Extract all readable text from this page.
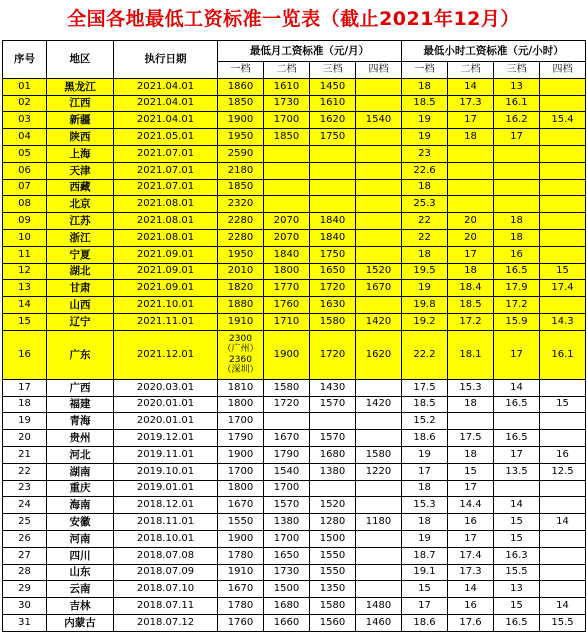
全国各地最低工资标准一览表（截止2021年12月）
序号	地区	执行日期	最低月工资标准（元/月）				最低小时工资标准（元/小时）			
			一档	二档	三档	四档	一档	二档	三档	四档
01	黑龙江	2021.04.01	1860	1610	1450		18	14	13	
02	江西	2021.04.01	1850	1730	1610		18.5	17.3	16.1	
03	新疆	2021.04.01	1900	1700	1620	1540	19	17	16.2	15.4
04	陕西	2021.05.01	1950	1850	1750		19	18	17	
05	上海	2021.07.01	2590				23			
06	天津	2021.07.01	2180				22.6			
07	西藏	2021.07.01	1850				18			
08	北京	2021.08.01	2320				25.3			
09	江苏	2021.08.01	2280	2070	1840		22	20	18	
10	浙江	2021.08.01	2280	2070	1840		22	20	18	
11	宁夏	2021.09.01	1950	1840	1750		18	17	16	
12	湖北	2021.09.01	2010	1800	1650	1520	19.5	18	16.5	15
13	甘肃	2021.09.01	1820	1770	1720	1670	19	18.4	17.9	17.4
14	山西	2021.10.01	1880	1760	1630		19.8	18.5	17.2	
15	辽宁	2021.11.01	1910	1710	1580	1420	19.2	17.2	15.9	14.3
16	广东	2021.12.01	2300（广州）2360（深圳）	1900	1720	1620	22.2	18.1	17	16.1
17	广西	2020.03.01	1810	1580	1430		17.5	15.3	14	
18	福建	2020.01.01	1800	1720	1570	1420	18.5	18	16.5	15
19	青海	2020.01.01	1700				15.2			
20	贵州	2019.12.01	1790	1670	1570		18.6	17.5	16.5	
21	河北	2019.11.01	1900	1790	1680	1580	19	18	17	16
22	湖南	2019.10.01	1700	1540	1380	1220	17	15	13.5	12.5
23	重庆	2019.01.01	1800	1700			18	17		
24	海南	2018.12.01	1670	1570	1520		15.3	14.4	14	
25	安徽	2018.11.01	1550	1380	1280	1180	18	16	15	14
26	河南	2018.10.01	1900	1700	1500		19	17	15	
27	四川	2018.07.08	1780	1650	1550		18.7	17.4	16.3	
28	山东	2018.07.09	1910	1730	1550		19.1	17.3	15.5	
29	云南	2018.07.10	1670	1500	1350		15	14	13	
30	吉林	2018.07.11	1780	1680	1580	1480	17	16	15	14
31	内蒙古	2018.07.12	1760	1660	1560	1460	18.6	17.6	16.5	15.5
